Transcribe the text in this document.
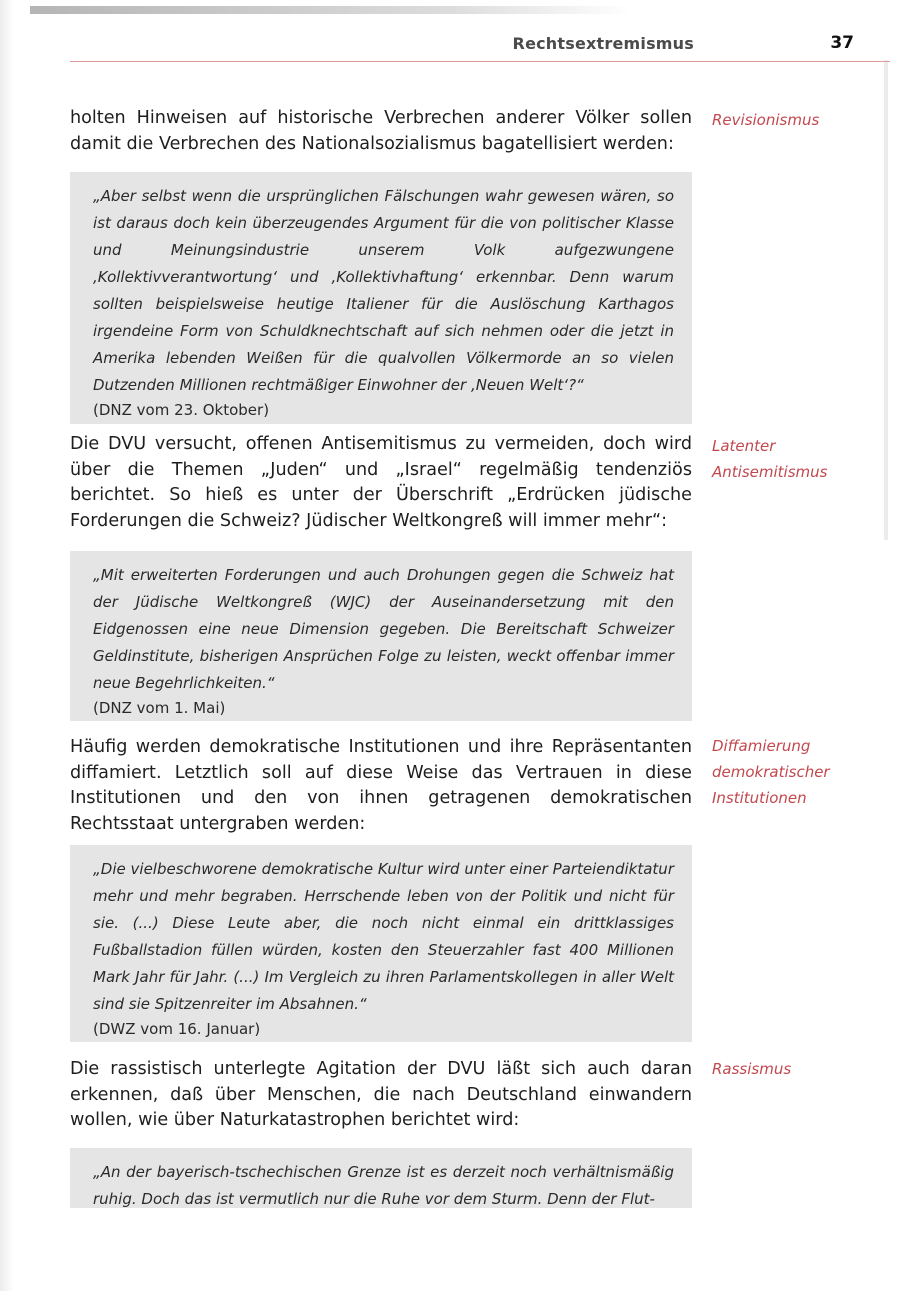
Rechtsextremismus	37

holten Hinweisen auf historische Verbrechen anderer Völker sollen damit die Verbrechen des Nationalsozialismus bagatellisiert werden:

Revisionismus

„Aber selbst wenn die ursprünglichen Fälschungen wahr gewesen wären, so ist daraus doch kein überzeugendes Argument für die von politischer Klasse und Meinungsindustrie unserem Volk aufgezwungene ‚Kollektivverantwortung‘ und ‚Kollektivhaftung‘ erkennbar. Denn warum sollten beispielsweise heutige Italiener für die Auslöschung Karthagos irgendeine Form von Schuldknechtschaft auf sich nehmen oder die jetzt in Amerika lebenden Weißen für die qualvollen Völkermorde an so vielen Dutzenden Millionen rechtmäßiger Einwohner der ‚Neuen Welt‘?“

(DNZ vom 23. Oktober)

Die DVU versucht, offenen Antisemitismus zu vermeiden, doch wird über die Themen „Juden“ und „Israel“ regelmäßig tendenziös berichtet. So hieß es unter der Überschrift „Erdrücken jüdische Forderungen die Schweiz? Jüdischer Weltkongreß will immer mehr“:

Latenter Antisemitismus

„Mit erweiterten Forderungen und auch Drohungen gegen die Schweiz hat der Jüdische Weltkongreß (WJC) der Auseinandersetzung mit den Eidgenossen eine neue Dimension gegeben. Die Bereitschaft Schweizer Geldinstitute, bisherigen Ansprüchen Folge zu leisten, weckt offenbar immer neue Begehrlichkeiten.“

(DNZ vom 1. Mai)

Häufig werden demokratische Institutionen und ihre Repräsentanten diffamiert. Letztlich soll auf diese Weise das Vertrauen in diese Institutionen und den von ihnen getragenen demokratischen Rechtsstaat untergraben werden:

Diffamierung demokratischer Institutionen

„Die vielbeschworene demokratische Kultur wird unter einer Parteiendiktatur mehr und mehr begraben. Herrschende leben von der Politik und nicht für sie. (...) Diese Leute aber, die noch nicht einmal ein drittklassiges Fußballstadion füllen würden, kosten den Steuerzahler fast 400 Millionen Mark Jahr für Jahr. (...) Im Vergleich zu ihren Parlamentskollegen in aller Welt sind sie Spitzenreiter im Absahnen.“

(DWZ vom 16. Januar)

Die rassistisch unterlegte Agitation der DVU läßt sich auch daran erkennen, daß über Menschen, die nach Deutschland einwandern wollen, wie über Naturkatastrophen berichtet wird:

Rassismus

„An der bayerisch-tschechischen Grenze ist es derzeit noch verhältnismäßig ruhig. Doch das ist vermutlich nur die Ruhe vor dem Sturm. Denn der Flut-
